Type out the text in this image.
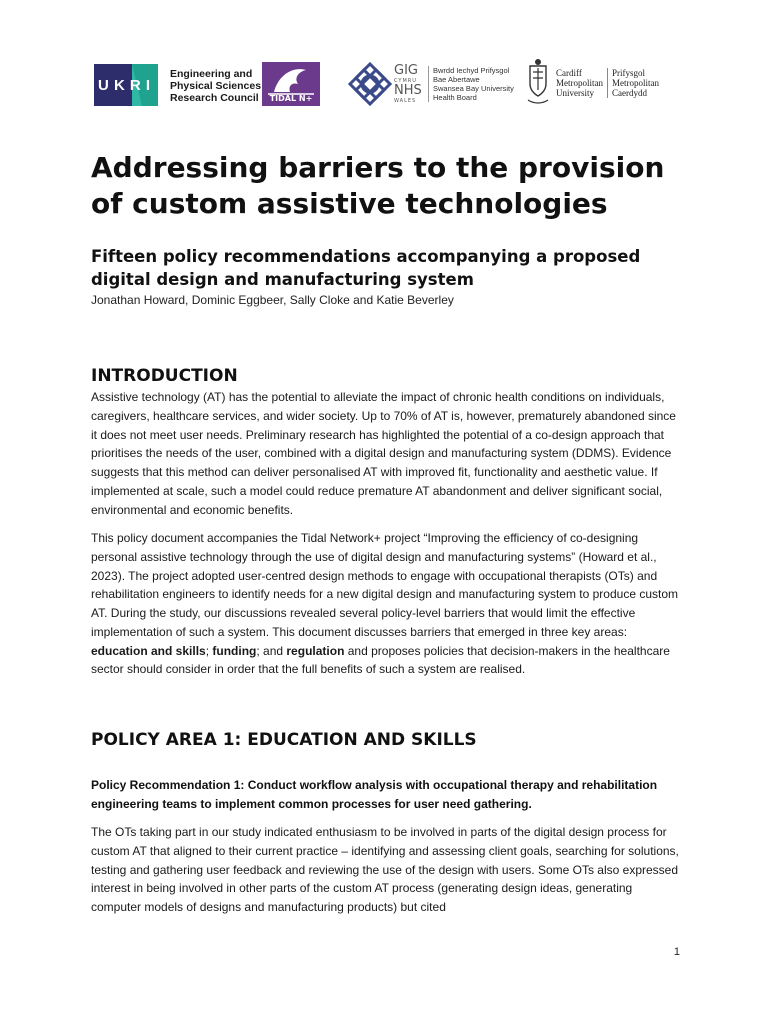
UKRI
Engineering and
Physical Sciences
Research Council	TIDAL N+
GIG
CYMRU
NHS
WALES
Bwrdd Iechyd Prifysgol
Bae Abertawe
Swansea Bay University
Health Board
Cardiff
Metropolitan
University
Prifysgol
Metropolitan
Caerdydd
Addressing barriers to the provision of custom assistive technologies
Fifteen policy recommendations accompanying a proposed digital design and manufacturing system
Jonathan Howard, Dominic Eggbeer, Sally Cloke and Katie Beverley
INTRODUCTION

Assistive technology (AT) has the potential to alleviate the impact of chronic health conditions on individuals, caregivers, healthcare services, and wider society. Up to 70% of AT is, however, prematurely abandoned since it does not meet user needs. Preliminary research has highlighted the potential of a co-design approach that prioritises the needs of the user, combined with a digital design and manufacturing system (DDMS). Evidence suggests that this method can deliver personalised AT with improved fit, functionality and aesthetic value. If implemented at scale, such a model could reduce premature AT abandonment and deliver significant social, environmental and economic benefits.

This policy document accompanies the Tidal Network+ project “Improving the efficiency of co-designing personal assistive technology through the use of digital design and manufacturing systems” (Howard et al., 2023). The project adopted user-centred design methods to engage with occupational therapists (OTs) and rehabilitation engineers to identify needs for a new digital design and manufacturing system to produce custom AT. During the study, our discussions revealed several policy-level barriers that would limit the effective implementation of such a system. This document discusses barriers that emerged in three key areas: education and skills; funding; and regulation and proposes policies that decision-makers in the healthcare sector should consider in order that the full benefits of such a system are realised.

POLICY AREA 1: EDUCATION AND SKILLS

Policy Recommendation 1: Conduct workflow analysis with occupational therapy and rehabilitation engineering teams to implement common processes for user need gathering.

The OTs taking part in our study indicated enthusiasm to be involved in parts of the digital design process for custom AT that aligned to their current practice – identifying and assessing client goals, searching for solutions, testing and gathering user feedback and reviewing the use of the design with users. Some OTs also expressed interest in being involved in other parts of the custom AT process (generating design ideas, generating computer models of designs and manufacturing products) but cited

1
